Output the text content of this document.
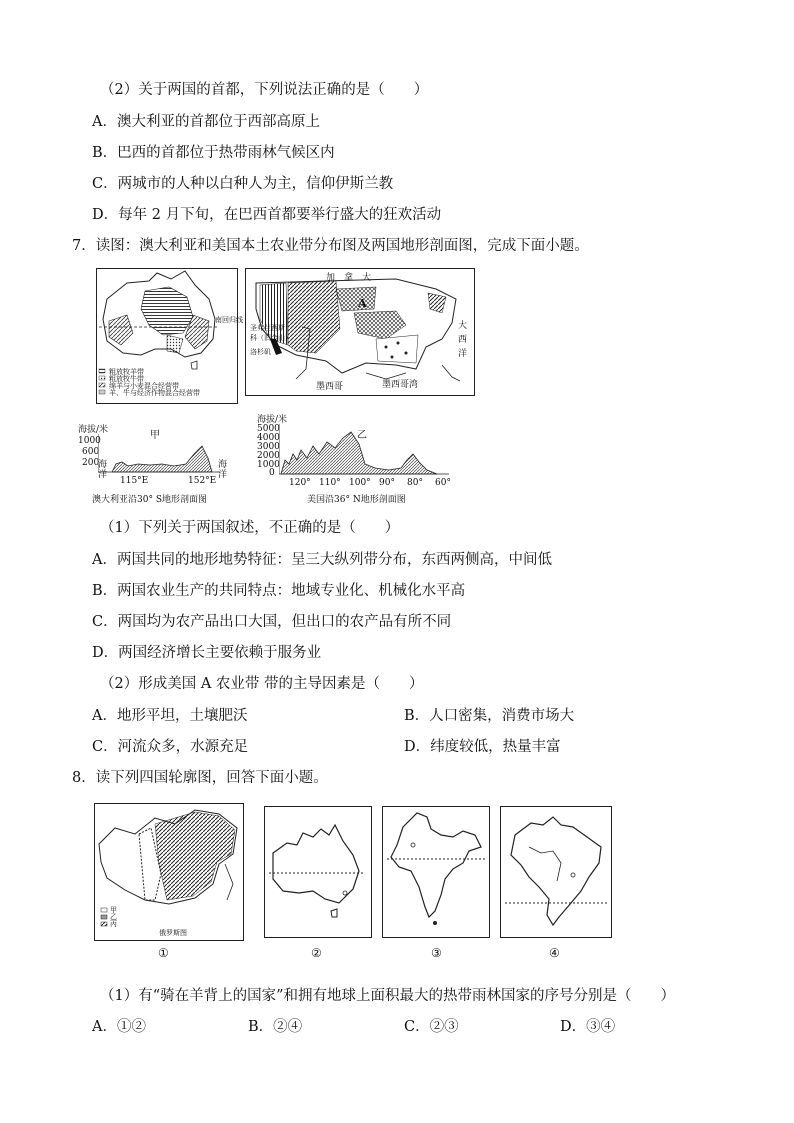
（2）关于两国的首都，下列说法正确的是（　　）
A．澳大利亚的首都位于西部高原上
B．巴西的首都位于热带雨林气候区内
C．两城市的人种以白种人为主，信仰伊斯兰教
D．每年 2 月下旬，在巴西首都要举行盛大的狂欢活动
7．读图：澳大利亚和美国本土农业带分布图及两国地形剖面图，完成下面小题。
南回归线
粗放牧羊带
粗放牧牛带
绵羊与小麦混合经营带
羊、牛与经济作物混合经营带
加　拿　大
圣弗兰西斯科（旧金山）
洛杉矶
大西洋
墨西哥	墨西哥湾
A
海拔/米
1000
600
200
甲
海洋
海洋
115°E	152°E
澳大利亚沿30° S地形剖面图
海拔/米
5000
4000
3000
2000
1000
0
乙
120° 110° 100° 90° 80° 60°
美国沿36° N地形剖面图
（1）下列关于两国叙述，不正确的是（　　）
A．两国共同的地形地势特征：呈三大纵列带分布，东西两侧高，中间低
B．两国农业生产的共同特点：地域专业化、机械化水平高
C．两国均为农产品出口大国，但出口的农产品有所不同
D．两国经济增长主要依赖于服务业
（2）形成美国 A 农业带 带的主导因素是（　　）
A．地形平坦，土壤肥沃	B．人口密集，消费市场大
C．河流众多，水源充足	D．纬度较低，热量丰富
8．读下列四国轮廓图，回答下面小题。
甲
乙
丙
俄罗斯图
①	②	③	④
（1）有“骑在羊背上的国家”和拥有地球上面积最大的热带雨林国家的序号分别是（　　）
A．①②	B．②④	C．②③	D．③④
